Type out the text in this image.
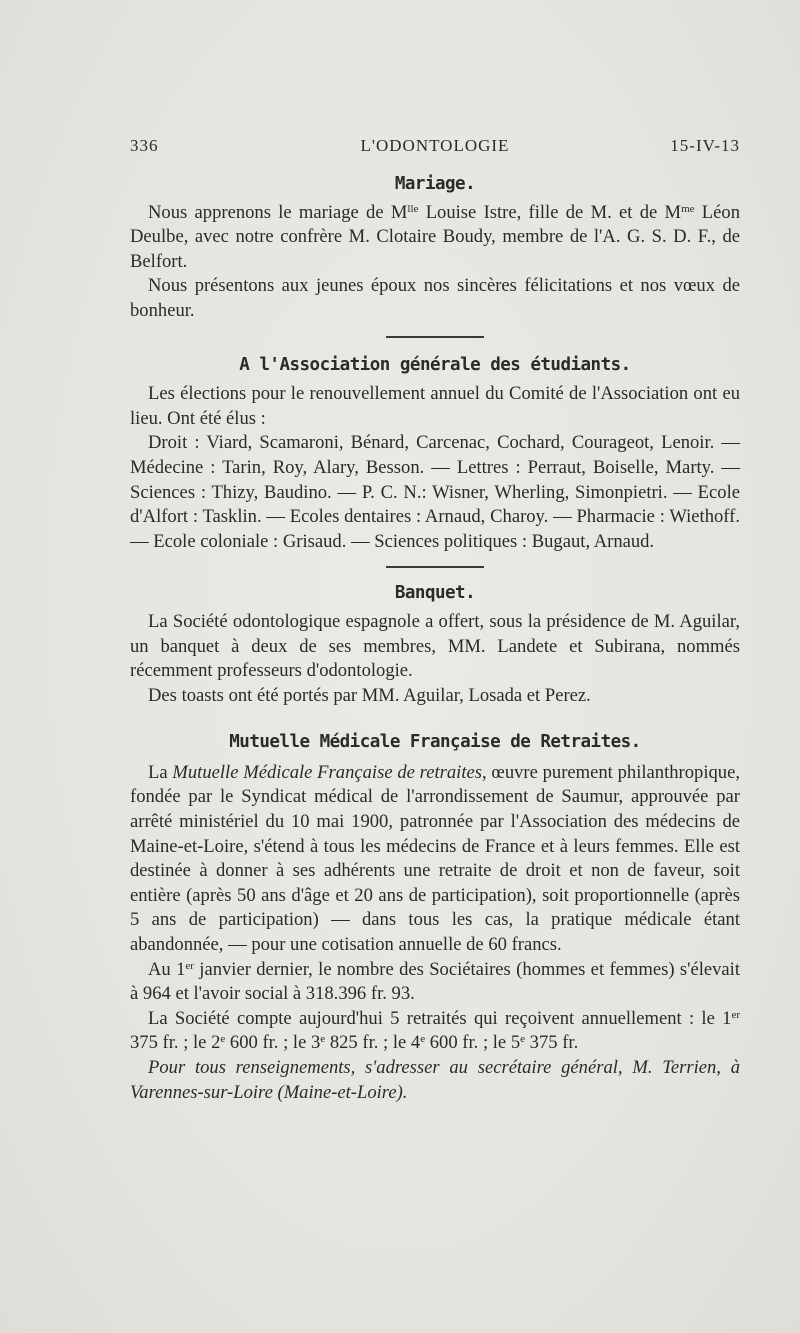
336	L'ODONTOLOGIE	15-IV-13
Mariage.

Nous apprenons le mariage de $M^{lle}$ Louise Istre, fille de M. et de $M^{me}$ Léon Deulbe, avec notre confrère M. Clotaire Boudy, membre de l'A. G. S. D. F., de Belfort.

Nous présentons aux jeunes époux nos sincères félicitations et nos vœux de bonheur.

A l'Association générale des étudiants.

Les élections pour le renouvellement annuel du Comité de l'Association ont eu lieu. Ont été élus :

Droit : Viard, Scamaroni, Bénard, Carcenac, Cochard, Courageot, Lenoir. — Médecine : Tarin, Roy, Alary, Besson. — Lettres : Perraut, Boiselle, Marty. — Sciences : Thizy, Baudino. — P. C. N.: Wisner, Wherling, Simonpietri. — Ecole d'Alfort : Tasklin. — Ecoles dentaires : Arnaud, Charoy. — Pharmacie : Wiethoff. — Ecole coloniale : Grisaud. — Sciences politiques : Bugaut, Arnaud.

Banquet.

La Société odontologique espagnole a offert, sous la présidence de M. Aguilar, un banquet à deux de ses membres, MM. Landete et Subirana, nommés récemment professeurs d'odontologie.

Des toasts ont été portés par MM. Aguilar, Losada et Perez.

Mutuelle Médicale Française de Retraites.

La Mutuelle Médicale Française de retraites, œuvre purement philanthropique, fondée par le Syndicat médical de l'arrondissement de Saumur, approuvée par arrêté ministériel du 10 mai 1900, patronnée par l'Association des médecins de Maine-et-Loire, s'étend à tous les médecins de France et à leurs femmes. Elle est destinée à donner à ses adhérents une retraite de droit et non de faveur, soit entière (après 50 ans d'âge et 20 ans de participation), soit proportionnelle (après 5 ans de participation) — dans tous les cas, la pratique médicale étant abandonnée, — pour une cotisation annuelle de 60 francs.

Au 1er janvier dernier, le nombre des Sociétaires (hommes et femmes) s'élevait à 964 et l'avoir social à 318.396 fr. 93.

La Société compte aujourd'hui 5 retraités qui reçoivent annuellement : le 1er 375 fr. ; le 2e 600 fr. ; le 3e 825 fr. ; le 4e 600 fr. ; le 5e 375 fr.

Pour tous renseignements, s'adresser au secrétaire général, M. Terrien, à Varennes-sur-Loire (Maine-et-Loire).
